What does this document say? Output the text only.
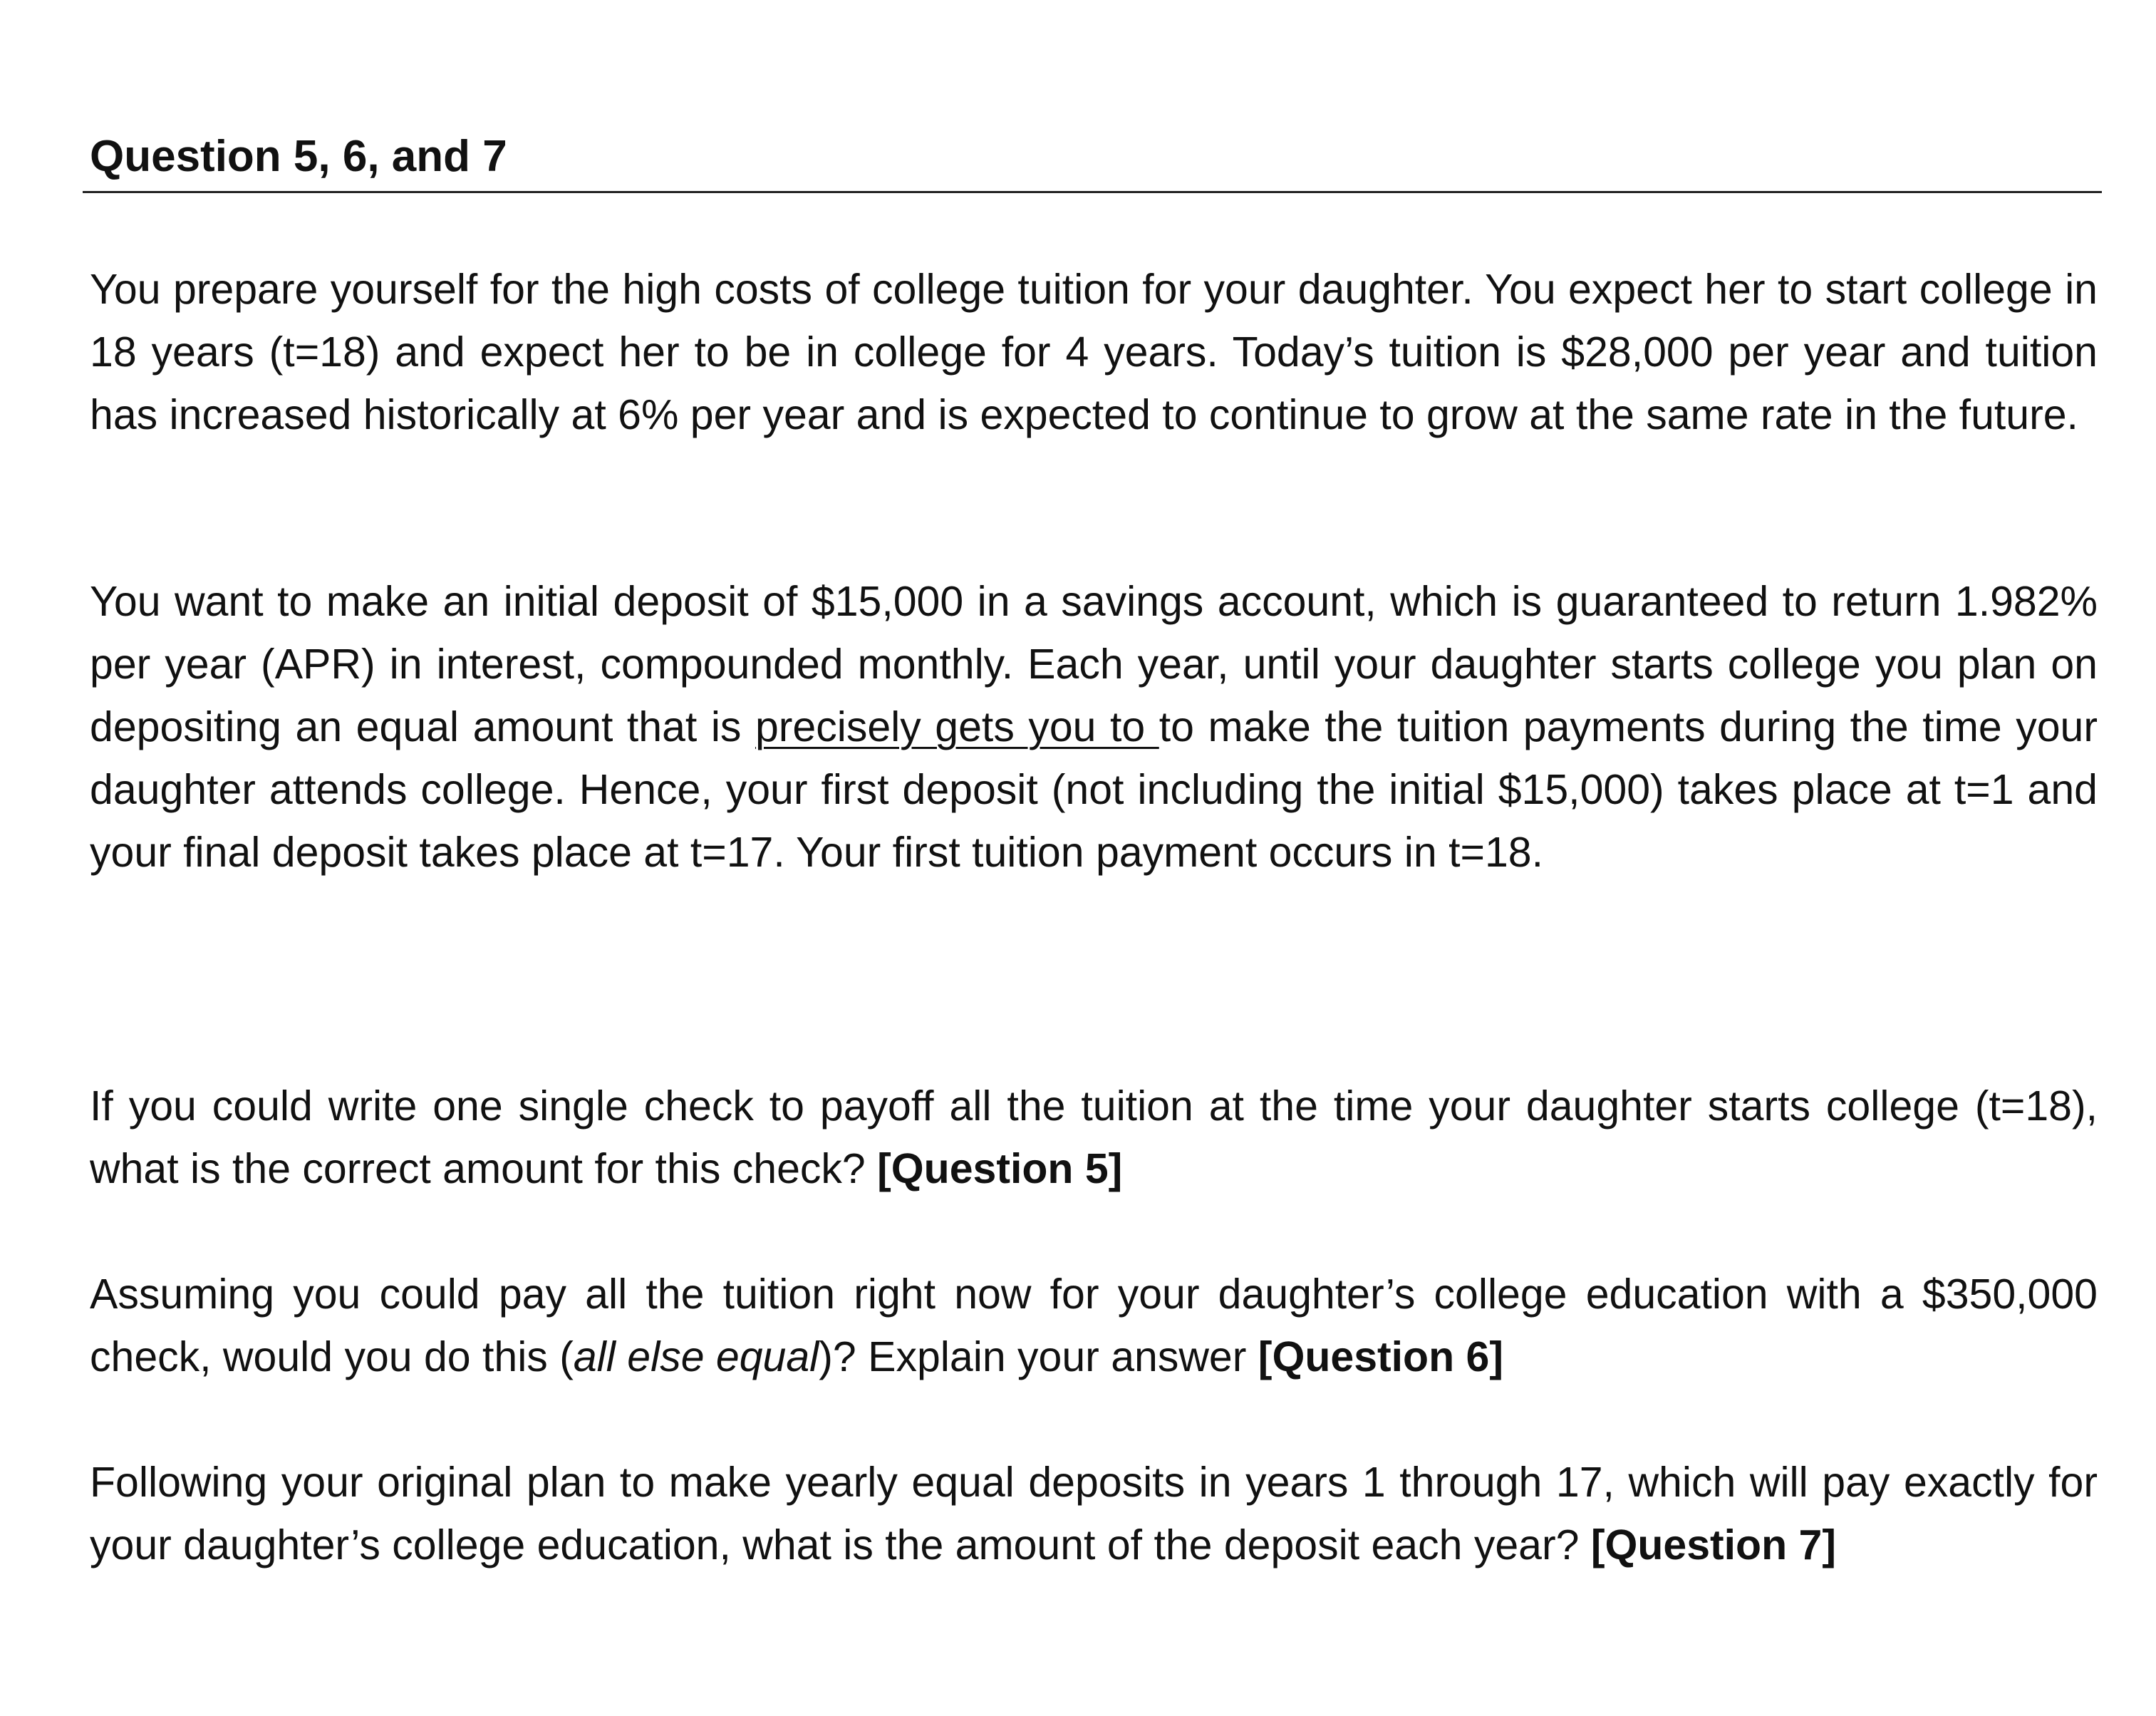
Question 5, 6, and 7

You prepare yourself for the high costs of college tuition for your daughter. You expect her to start college in 18 years (t=18) and expect her to be in college for 4 years. Today’s tuition is $28,000 per year and tuition has increased historically at 6% per year and is expected to continue to grow at the same rate in the future.

You want to make an initial deposit of $15,000 in a savings account, which is guaranteed to return 1.982% per year (APR) in interest, compounded monthly. Each year, until your daughter starts college you plan on depositing an equal amount that is precisely gets you to to make the tuition payments during the time your daughter attends college. Hence, your first deposit (not including the initial $15,000) takes place at t=1 and your final deposit takes place at t=17. Your first tuition payment occurs in t=18.

If you could write one single check to payoff all the tuition at the time your daughter starts college (t=18), what is the correct amount for this check? [Question 5]

Assuming you could pay all the tuition right now for your daughter’s college education with a $350,000 check, would you do this (all else equal)? Explain your answer [Question 6]

Following your original plan to make yearly equal deposits in years 1 through 17, which will pay exactly for your daughter’s college education, what is the amount of the deposit each year? [Question 7]
